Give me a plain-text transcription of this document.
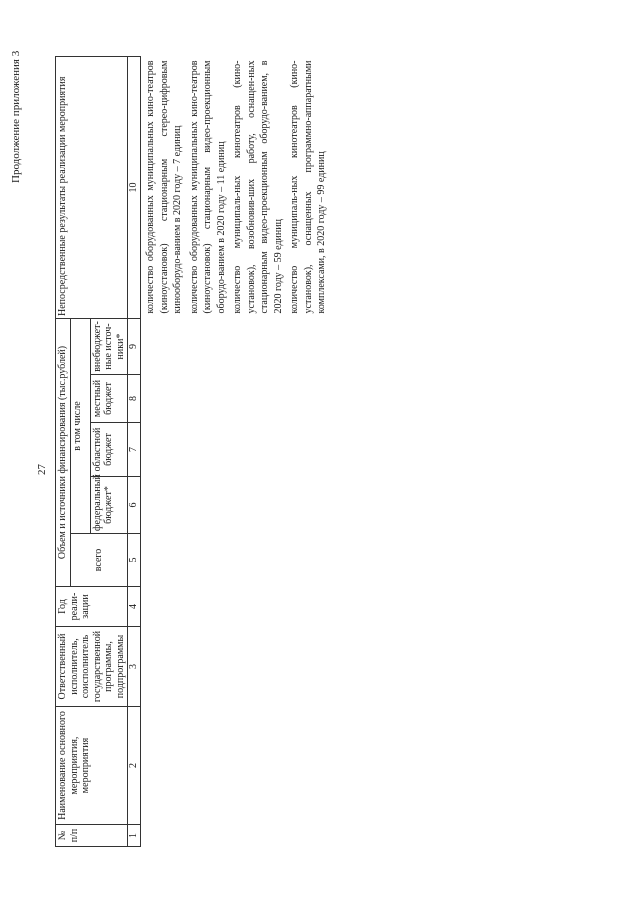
27
Продолжение приложения 3
№ п/п	Наименование основного мероприятия, мероприятия	Ответственный исполнитель, соисполнитель государственной программы, подпрограммы	Год реали-зации	Объем и источники финансирования (тыс.рублей)					Непосредственные результаты реализации мероприятия
				всего	в том числе				
					федеральный бюджет*	областной бюджет	местный бюджет	внебюджет-ные источ-ники*	
1	2	3	4	5	6	7	8	9	10
									количество оборудованных муниципальных кино-театров (киноустановок) стационарным стерео-цифровым кинооборудо-ванием в 2020 году – 7 единиц
									количество оборудованных муниципальных кино-театров (киноустановок) стационарным видео-проекционным оборудо-ванием в 2020 году – 11 единиц
									количество муниципаль-ных кинотеатров (кино-установок), возобновив-ших работу, оснащен-ных стационарным видео-проекционным оборудо-ванием, в 2020 году – 59 единиц
									количество муниципаль-ных кинотеатров (кино-установок), оснащенных программно-аппаратными комплексами, в 2020 году – 99 единиц
